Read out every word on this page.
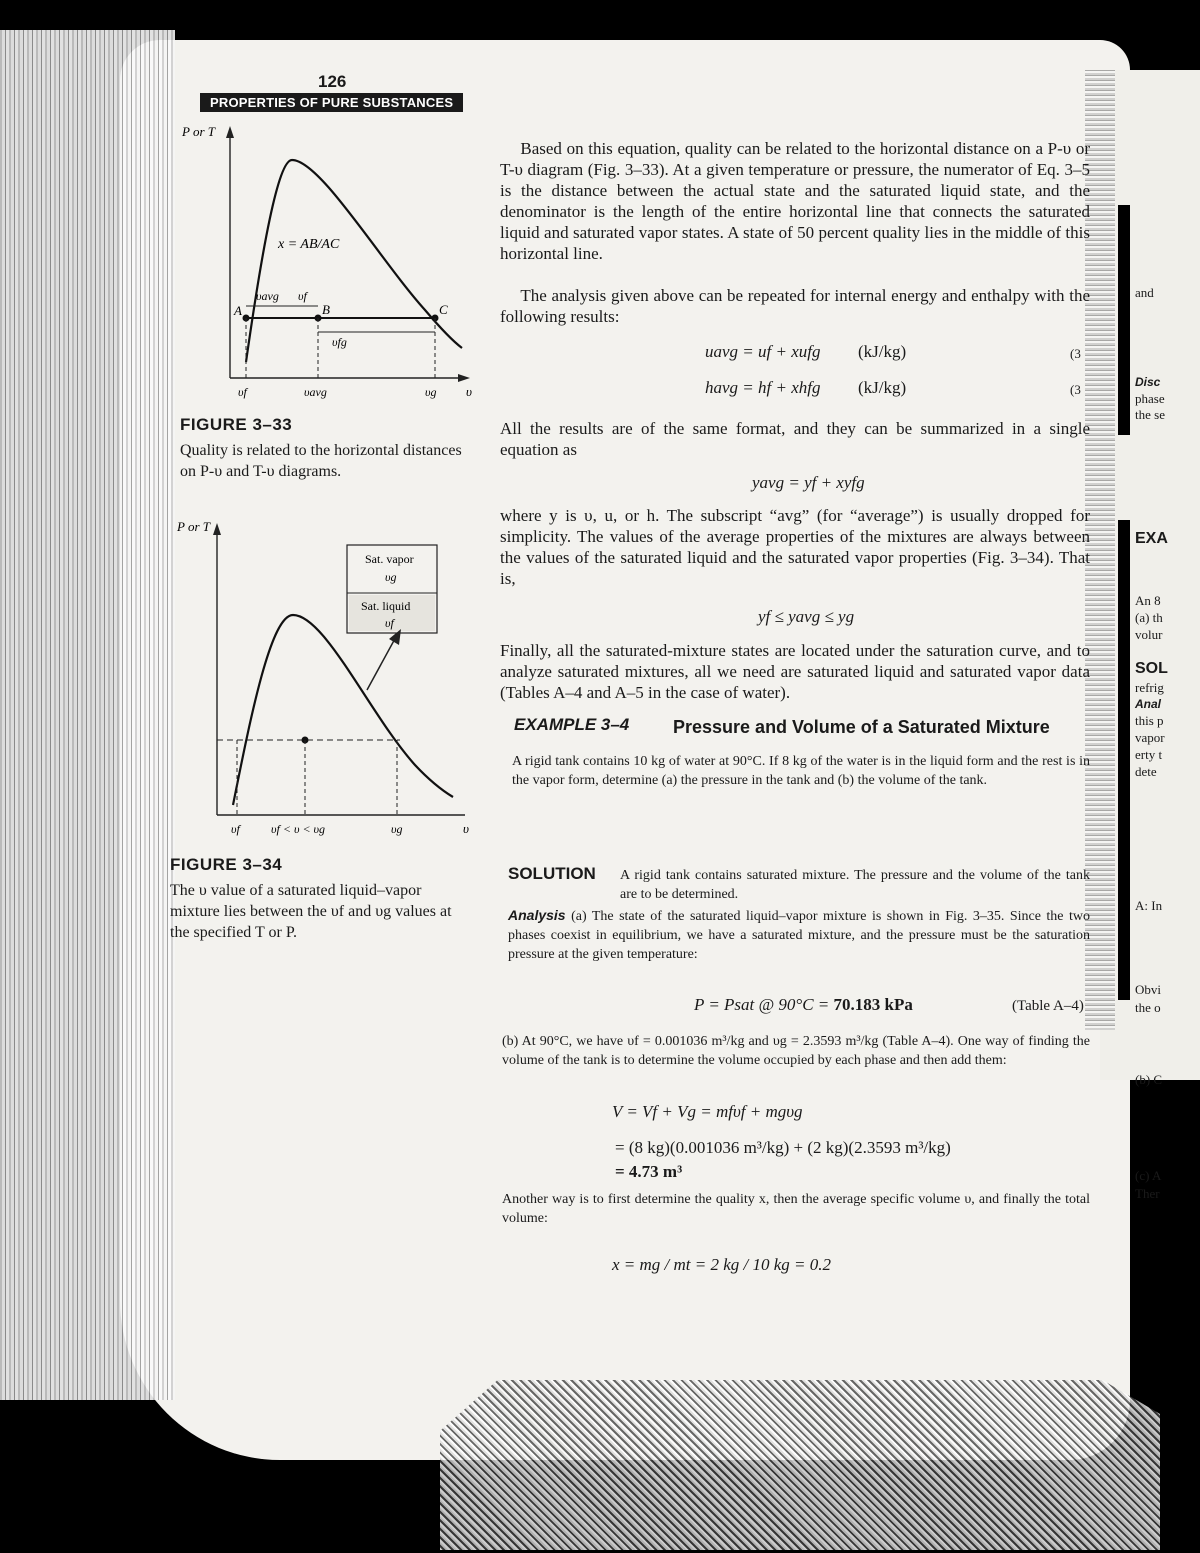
126
PROPERTIES OF PURE SUBSTANCES
P or T
υ
x = AB/AC
A	B	C
υavg υf
υfg
υf	υavg	υg
FIGURE 3–33
Quality is related to the horizontal distances on P-υ and T-υ diagrams.
P or T
υ
Sat. vapor
υg
Sat. liquid
υf
υf	υf < υ < υg	υg
FIGURE 3–34
The υ value of a saturated liquid–vapor mixture lies between the υf and υg values at the specified T or P.
Based on this equation, quality can be related to the horizontal distance on a P-υ or T-υ diagram (Fig. 3–33). At a given temperature or pressure, the numerator of Eq. 3–5 is the distance between the actual state and the saturated liquid state, and the denominator is the length of the entire horizontal line that connects the saturated liquid and saturated vapor states. A state of 50 percent quality lies in the middle of this horizontal line.
The analysis given above can be repeated for internal energy and enthalpy with the following results:
uavg = uf + xufg (kJ/kg)	(3
havg = hf + xhfg (kJ/kg)	(3
All the results are of the same format, and they can be summarized in a single equation as
yavg = yf + xyfg
where y is υ, u, or h. The subscript “avg” (for “average”) is usually dropped for simplicity. The values of the average properties of the mixtures are always between the values of the saturated liquid and the saturated vapor properties (Fig. 3–34). That is,
yf ≤ yavg ≤ yg
Finally, all the saturated-mixture states are located under the saturation curve, and to analyze saturated mixtures, all we need are saturated liquid and saturated vapor data (Tables A–4 and A–5 in the case of water).
EXAMPLE 3–4 Pressure and Volume of a Saturated Mixture
A rigid tank contains 10 kg of water at 90°C. If 8 kg of the water is in the liquid form and the rest is in the vapor form, determine (a) the pressure in the tank and (b) the volume of the tank.
SOLUTION A rigid tank contains saturated mixture. The pressure and the volume of the tank are to be determined.
Analysis (a) The state of the saturated liquid–vapor mixture is shown in Fig. 3–35. Since the two phases coexist in equilibrium, we have a saturated mixture, and the pressure must be the saturation pressure at the given temperature:
P = Psat @ 90°C = 70.183 kPa	(Table A–4)
(b) At 90°C, we have υf = 0.001036 m³/kg and υg = 2.3593 m³/kg (Table A–4). One way of finding the volume of the tank is to determine the volume occupied by each phase and then add them:
V = Vf + Vg = mfυf + mgυg
= (8 kg)(0.001036 m³/kg) + (2 kg)(2.3593 m³/kg)
= 4.73 m³
Another way is to first determine the quality x, then the average specific volume υ, and finally the total volume:
x = mg / mt = 2 kg / 10 kg = 0.2
and
Disc
phase
the se
EXA
An 8
(a) th
volur
SOL
refrig
Anal
this p
vapor
erty t
dete
A: In
Obvi
the o
(b) C
(c) A
Ther
